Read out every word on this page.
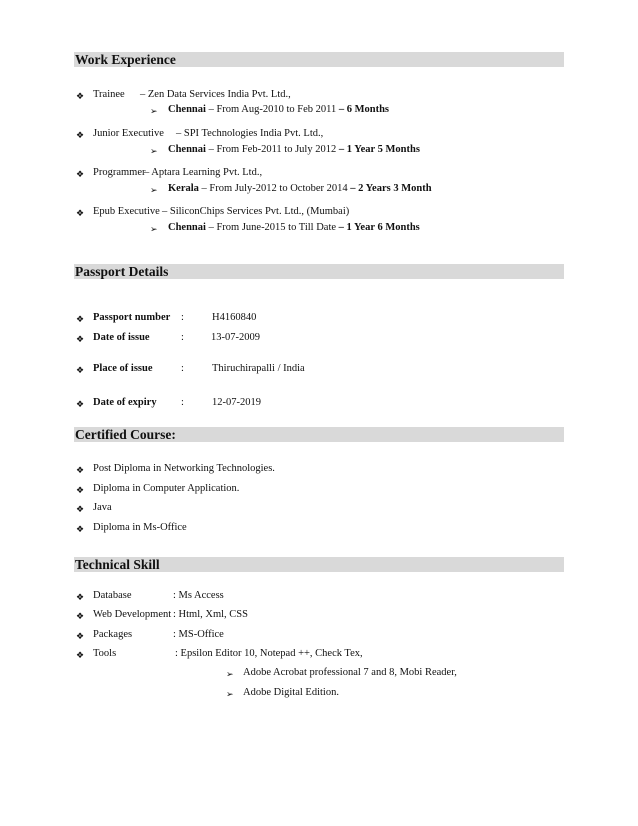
Work Experience
❖ Trainee – Zen Data Services India Pvt. Ltd.,
➢ Chennai – From Aug-2010 to Feb 2011 – 6 Months
❖ Junior Executive – SPI Technologies India Pvt. Ltd.,
➢ Chennai – From Feb-2011 to July 2012 – 1 Year 5 Months
❖ Programmer
– Aptara Learning Pvt. Ltd.,
➢ Kerala – From July-2012 to October 2014 – 2 Years 3 Month
❖ Epub Executive – SiliconChips Services Pvt. Ltd., (Mumbai)
➢ Chennai – From June-2015 to Till Date – 1 Year 6 Months
Passport Details
❖ Passport number :	H4160840
❖ Date of issue	:	13-07-2009
❖ Place of issue	:	Thiruchirapalli / India
❖ Date of expiry :	12-07-2019
Certified Course:
❖ Post Diploma in Networking Technologies.
❖ Diploma in Computer Application.
❖ Java
❖ Diploma in Ms-Office
Technical Skill
❖ Database	: Ms Access
❖ Web Development : Html, Xml, CSS
❖ Packages	: MS-Office
❖ Tools	: Epsilon Editor 10, Notepad ++, Check Tex,
➢ Adobe Acrobat professional 7 and 8, Mobi Reader,
➢ Adobe Digital Edition.
